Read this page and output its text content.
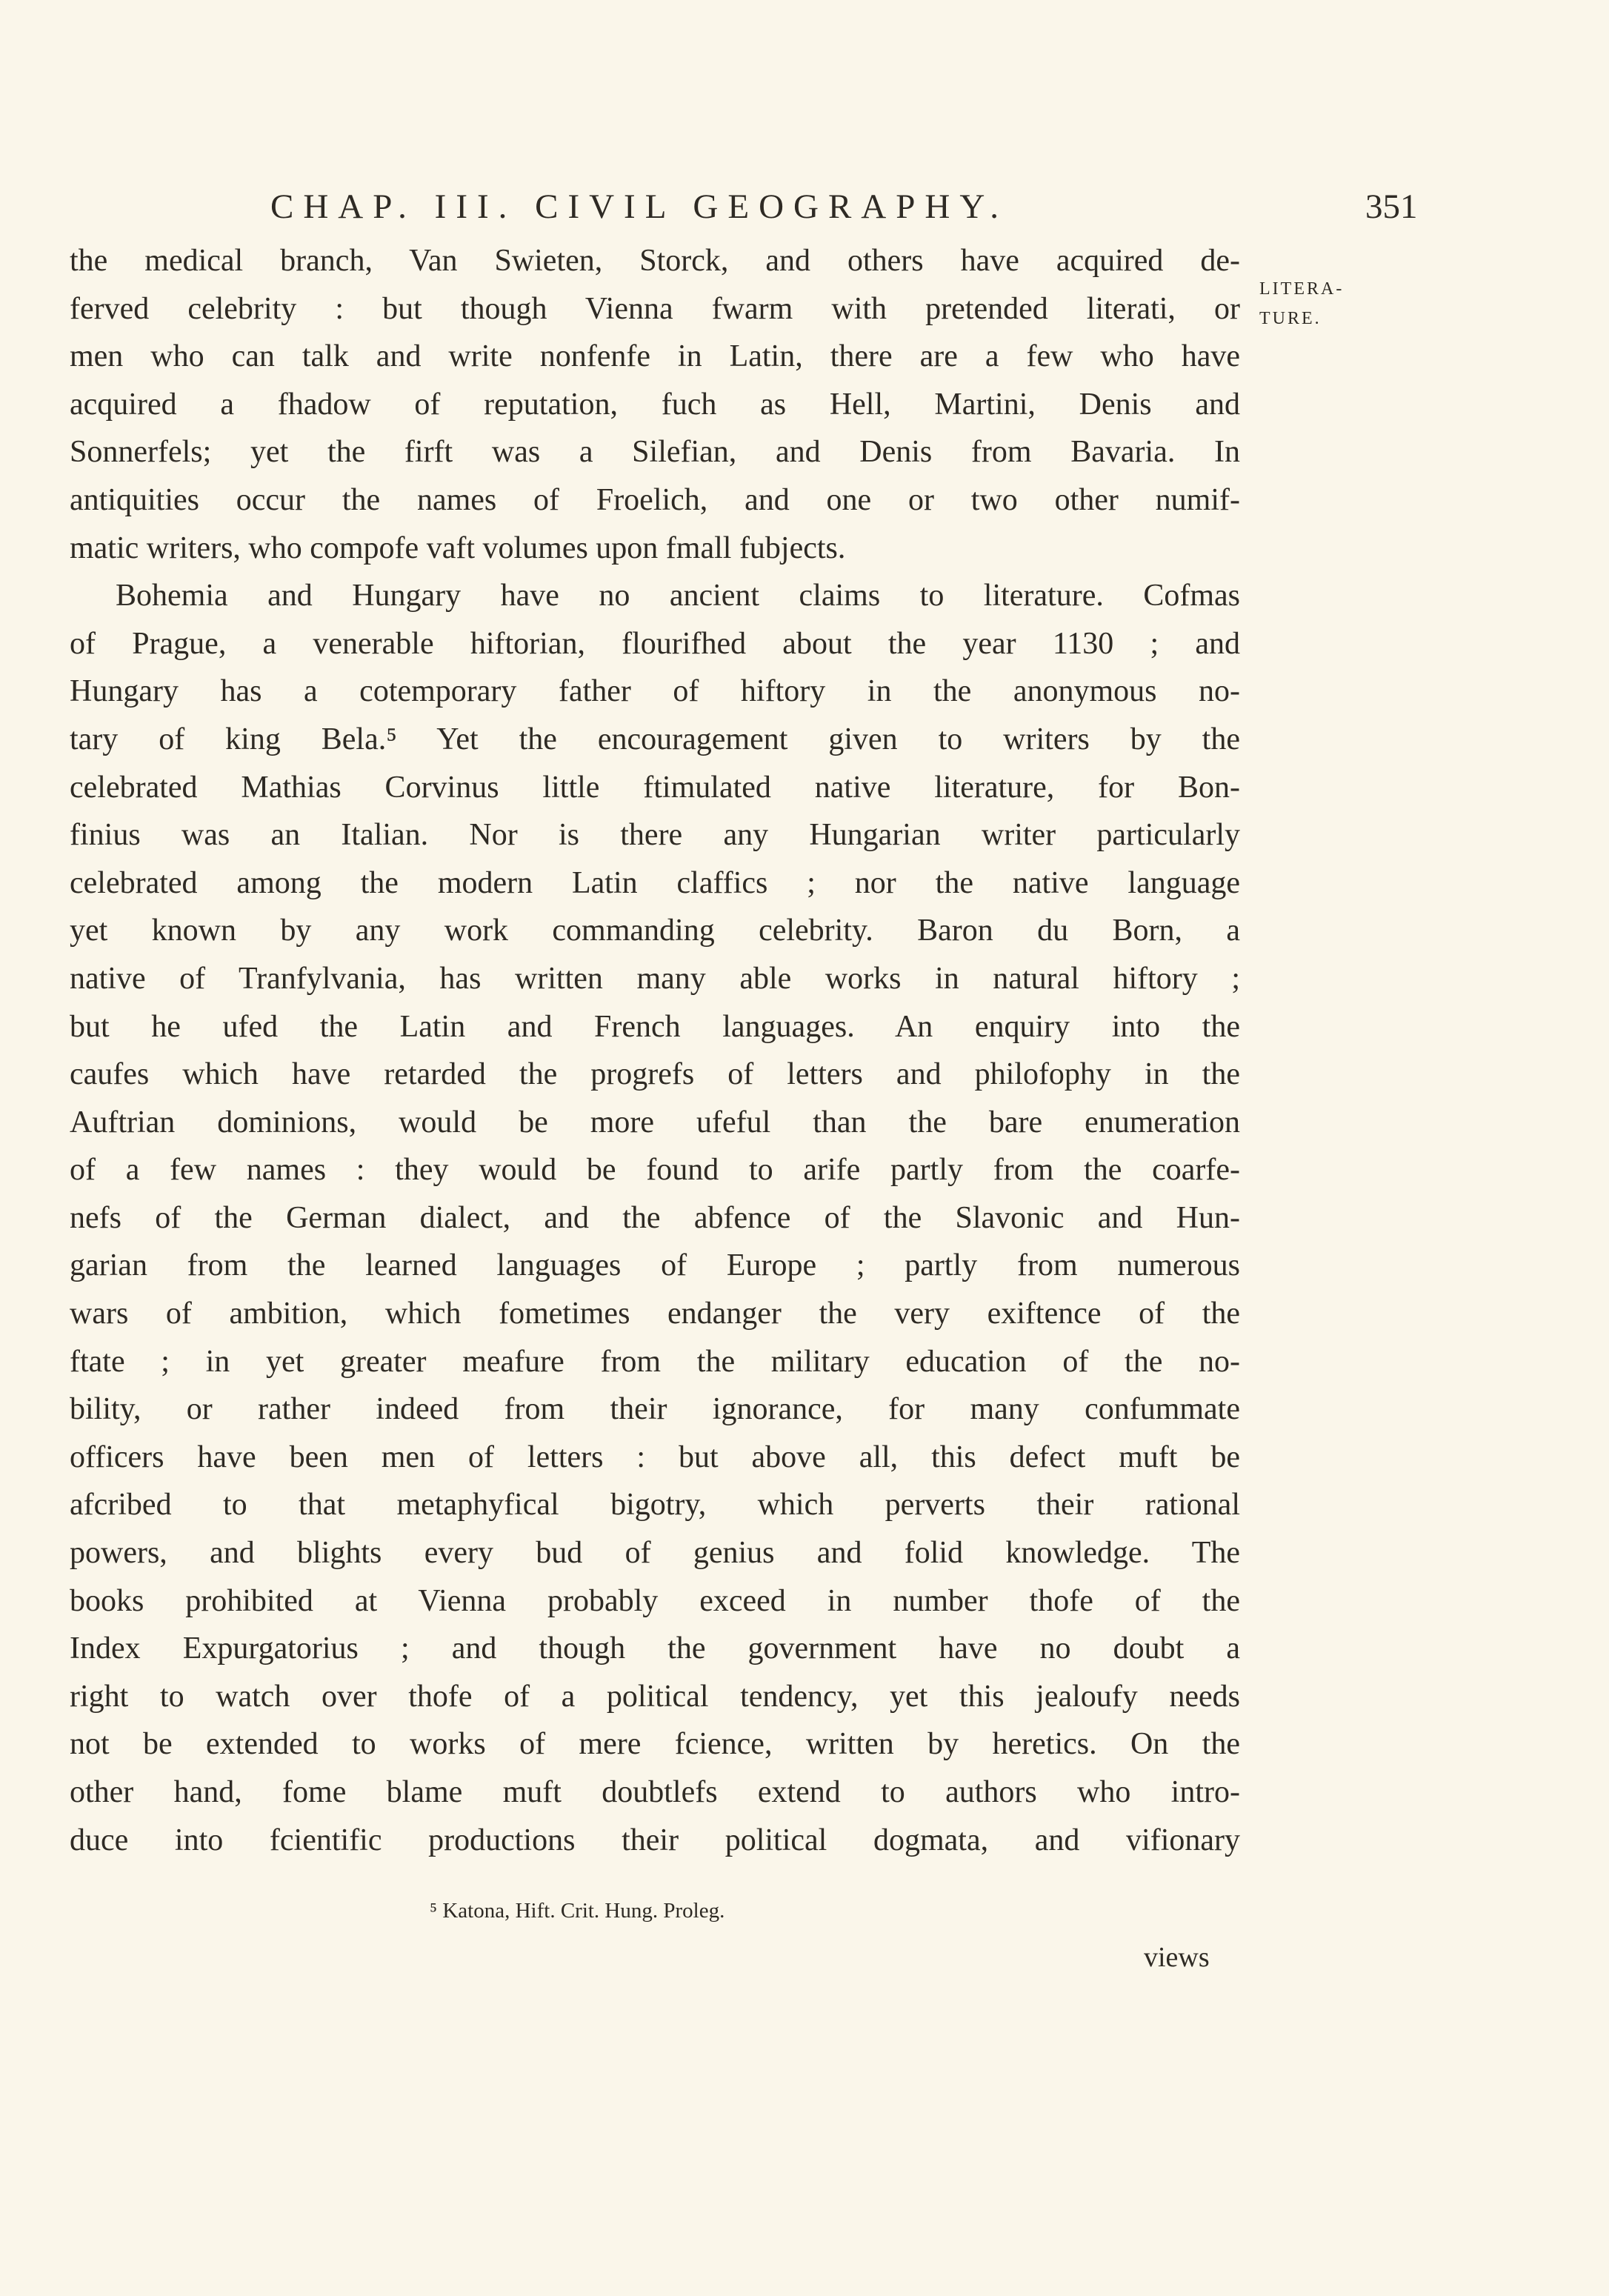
CHAP. III. CIVIL GEOGRAPHY.	351
LITERA-
TURE.
the medical branch, Van Swieten, Storck, and others have acquired de-
ferved celebrity : but though Vienna fwarm with pretended literati, or
men who can talk and write nonfenfe in Latin, there are a few who have
acquired a fhadow of reputation, fuch as Hell, Martini, Denis and
Sonnerfels; yet the firft was a Silefian, and Denis from Bavaria. In
antiquities occur the names of Froelich, and one or two other numif-
matic writers, who compofe vaft volumes upon fmall fubjects.
Bohemia and Hungary have no ancient claims to literature. Cofmas
of Prague, a venerable hiftorian, flourifhed about the year 1130 ; and
Hungary has a cotemporary father of hiftory in the anonymous no-
tary of king Bela.⁵ Yet the encouragement given to writers by the
celebrated Mathias Corvinus little ftimulated native literature, for Bon-
finius was an Italian. Nor is there any Hungarian writer particularly
celebrated among the modern Latin claffics ; nor the native language
yet known by any work commanding celebrity. Baron du Born, a
native of Tranfylvania, has written many able works in natural hiftory ;
but he ufed the Latin and French languages. An enquiry into the
caufes which have retarded the progrefs of letters and philofophy in the
Auftrian dominions, would be more ufeful than the bare enumeration
of a few names : they would be found to arife partly from the coarfe-
nefs of the German dialect, and the abfence of the Slavonic and Hun-
garian from the learned languages of Europe ; partly from numerous
wars of ambition, which fometimes endanger the very exiftence of the
ftate ; in yet greater meafure from the military education of the no-
bility, or rather indeed from their ignorance, for many confummate
officers have been men of letters : but above all, this defect muft be
afcribed to that metaphyfical bigotry, which perverts their rational
powers, and blights every bud of genius and folid knowledge. The
books prohibited at Vienna probably exceed in number thofe of the
Index Expurgatorius ; and though the government have no doubt a
right to watch over thofe of a political tendency, yet this jealoufy needs
not be extended to works of mere fcience, written by heretics. On the
other hand, fome blame muft doubtlefs extend to authors who intro-
duce into fcientific productions their political dogmata, and vifionary
⁵ Katona, Hift. Crit. Hung. Proleg.
views
